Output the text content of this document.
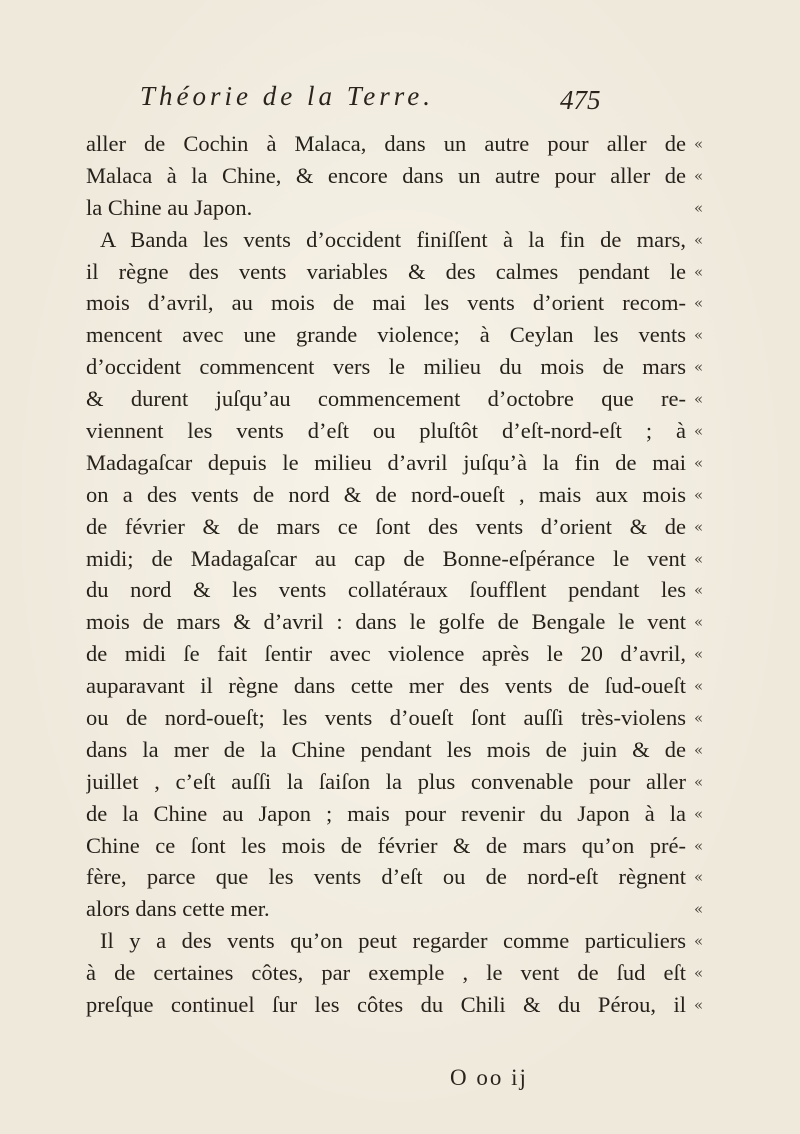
Théorie de la Terre.	475
aller de Cochin à Malaca, dans un autre pour aller de «
Malaca à la Chine, & encore dans un autre pour aller de «
la Chine au Japon.	«
A Banda les vents d’occident finiſſent à la fin de mars, «
il règne des vents variables & des calmes pendant le «
mois d’avril, au mois de mai les vents d’orient recom- «
mencent avec une grande violence; à Ceylan les vents «
d’occident commencent vers le milieu du mois de mars «
& durent juſqu’au commencement d’octobre que re- «
viennent les vents d’eſt ou pluſtôt d’eſt-nord-eſt ; à «
Madagaſcar depuis le milieu d’avril juſqu’à la fin de mai «
on a des vents de nord & de nord-oueſt , mais aux mois «
de février & de mars ce ſont des vents d’orient & de «
midi; de Madagaſcar au cap de Bonne-eſpérance le vent «
du nord & les vents collatéraux ſoufflent pendant les «
mois de mars & d’avril : dans le golfe de Bengale le vent «
de midi ſe fait ſentir avec violence après le 20 d’avril, «
auparavant il règne dans cette mer des vents de ſud-oueſt «
ou de nord-oueſt; les vents d’oueſt ſont auſſi très-violens «
dans la mer de la Chine pendant les mois de juin & de «
juillet , c’eſt auſſi la ſaiſon la plus convenable pour aller «
de la Chine au Japon ; mais pour revenir du Japon à la «
Chine ce ſont les mois de février & de mars qu’on pré- «
fère, parce que les vents d’eſt ou de nord-eſt règnent «
alors dans cette mer.	«
Il y a des vents qu’on peut regarder comme particuliers «
à de certaines côtes, par exemple , le vent de ſud eſt «
preſque continuel ſur les côtes du Chili & du Pérou, il «
O oo ij
